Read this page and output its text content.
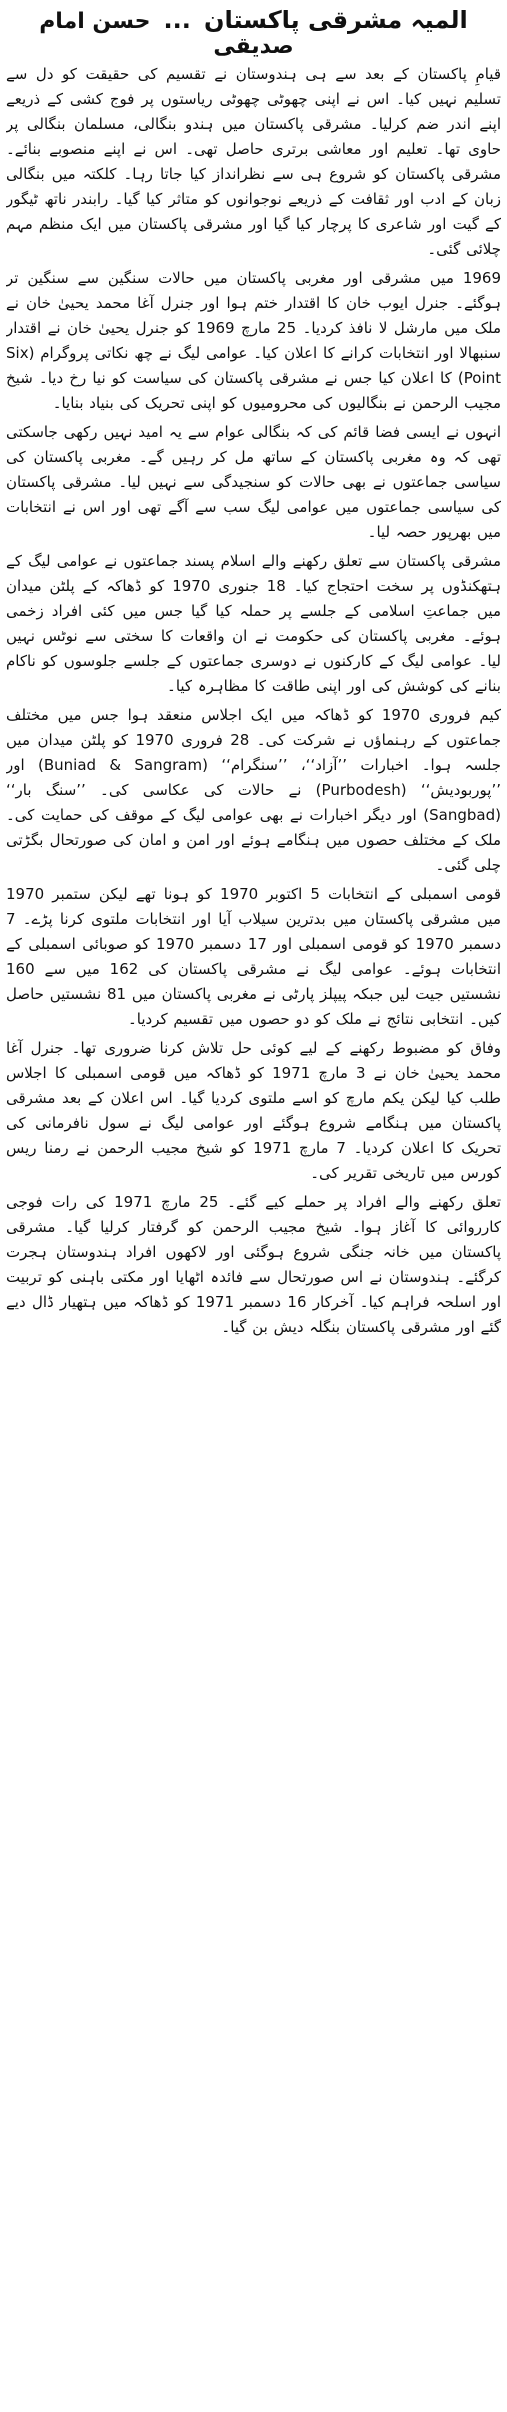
المیہ مشرقی پاکستان ... حسن امام صدیقی

قیامِ پاکستان کے بعد سے ہی ہندوستان نے تقسیم کی حقیقت کو دل سے تسلیم نہیں کیا۔ اس نے اپنی چھوٹی چھوٹی ریاستوں پر فوج کشی کے ذریعے اپنے اندر ضم کرلیا۔ مشرقی پاکستان میں ہندو بنگالی، مسلمان بنگالی پر حاوی تھا۔ تعلیم اور معاشی برتری حاصل تھی۔ اس نے اپنے منصوبے بنائے۔ مشرقی پاکستان کو شروع ہی سے نظرانداز کیا جاتا رہا۔ کلکتہ میں بنگالی زبان کے ادب اور ثقافت کے ذریعے نوجوانوں کو متاثر کیا گیا۔ رابندر ناتھ ٹیگور کے گیت اور شاعری کا پرچار کیا گیا اور مشرقی پاکستان میں ایک منظم مہم چلائی گئی۔

1969 میں مشرقی اور مغربی پاکستان میں حالات سنگین سے سنگین تر ہوگئے۔ جنرل ایوب خان کا اقتدار ختم ہوا اور جنرل آغا محمد یحییٰ خان نے ملک میں مارشل لا نافذ کردیا۔ 25 مارچ 1969 کو جنرل یحییٰ خان نے اقتدار سنبھالا اور انتخابات کرانے کا اعلان کیا۔ عوامی لیگ نے چھ نکاتی پروگرام (Six Point) کا اعلان کیا جس نے مشرقی پاکستان کی سیاست کو نیا رخ دیا۔ شیخ مجیب الرحمن نے بنگالیوں کی محرومیوں کو اپنی تحریک کی بنیاد بنایا۔

انہوں نے ایسی فضا قائم کی کہ بنگالی عوام سے یہ امید نہیں رکھی جاسکتی تھی کہ وہ مغربی پاکستان کے ساتھ مل کر رہیں گے۔ مغربی پاکستان کی سیاسی جماعتوں نے بھی حالات کو سنجیدگی سے نہیں لیا۔ مشرقی پاکستان کی سیاسی جماعتوں میں عوامی لیگ سب سے آگے تھی اور اس نے انتخابات میں بھرپور حصہ لیا۔

مشرقی پاکستان سے تعلق رکھنے والے اسلام پسند جماعتوں نے عوامی لیگ کے ہتھکنڈوں پر سخت احتجاج کیا۔ 18 جنوری 1970 کو ڈھاکہ کے پلٹن میدان میں جماعتِ اسلامی کے جلسے پر حملہ کیا گیا جس میں کئی افراد زخمی ہوئے۔ مغربی پاکستان کی حکومت نے ان واقعات کا سختی سے نوٹس نہیں لیا۔ عوامی لیگ کے کارکنوں نے دوسری جماعتوں کے جلسے جلوسوں کو ناکام بنانے کی کوشش کی اور اپنی طاقت کا مظاہرہ کیا۔

کیم فروری 1970 کو ڈھاکہ میں ایک اجلاس منعقد ہوا جس میں مختلف جماعتوں کے رہنماؤں نے شرکت کی۔ 28 فروری 1970 کو پلٹن میدان میں جلسہ ہوا۔ اخبارات ’’آزاد‘‘، ’’سنگرام‘‘ (Buniad & Sangram) اور ’’پوربودیش‘‘ (Purbodesh) نے حالات کی عکاسی کی۔ ’’سنگ بار‘‘ (Sangbad) اور دیگر اخبارات نے بھی عوامی لیگ کے موقف کی حمایت کی۔ ملک کے مختلف حصوں میں ہنگامے ہوئے اور امن و امان کی صورتحال بگڑتی چلی گئی۔

قومی اسمبلی کے انتخابات 5 اکتوبر 1970 کو ہونا تھے لیکن ستمبر 1970 میں مشرقی پاکستان میں بدترین سیلاب آیا اور انتخابات ملتوی کرنا پڑے۔ 7 دسمبر 1970 کو قومی اسمبلی اور 17 دسمبر 1970 کو صوبائی اسمبلی کے انتخابات ہوئے۔ عوامی لیگ نے مشرقی پاکستان کی 162 میں سے 160 نشستیں جیت لیں جبکہ پیپلز پارٹی نے مغربی پاکستان میں 81 نشستیں حاصل کیں۔ انتخابی نتائج نے ملک کو دو حصوں میں تقسیم کردیا۔

وفاق کو مضبوط رکھنے کے لیے کوئی حل تلاش کرنا ضروری تھا۔ جنرل آغا محمد یحییٰ خان نے 3 مارچ 1971 کو ڈھاکہ میں قومی اسمبلی کا اجلاس طلب کیا لیکن یکم مارچ کو اسے ملتوی کردیا گیا۔ اس اعلان کے بعد مشرقی پاکستان میں ہنگامے شروع ہوگئے اور عوامی لیگ نے سول نافرمانی کی تحریک کا اعلان کردیا۔ 7 مارچ 1971 کو شیخ مجیب الرحمن نے رمنا ریس کورس میں تاریخی تقریر کی۔

تعلق رکھنے والے افراد پر حملے کیے گئے۔ 25 مارچ 1971 کی رات فوجی کارروائی کا آغاز ہوا۔ شیخ مجیب الرحمن کو گرفتار کرلیا گیا۔ مشرقی پاکستان میں خانہ جنگی شروع ہوگئی اور لاکھوں افراد ہندوستان ہجرت کرگئے۔ ہندوستان نے اس صورتحال سے فائدہ اٹھایا اور مکتی باہنی کو تربیت اور اسلحہ فراہم کیا۔ آخرکار 16 دسمبر 1971 کو ڈھاکہ میں ہتھیار ڈال دیے گئے اور مشرقی پاکستان بنگلہ دیش بن گیا۔
